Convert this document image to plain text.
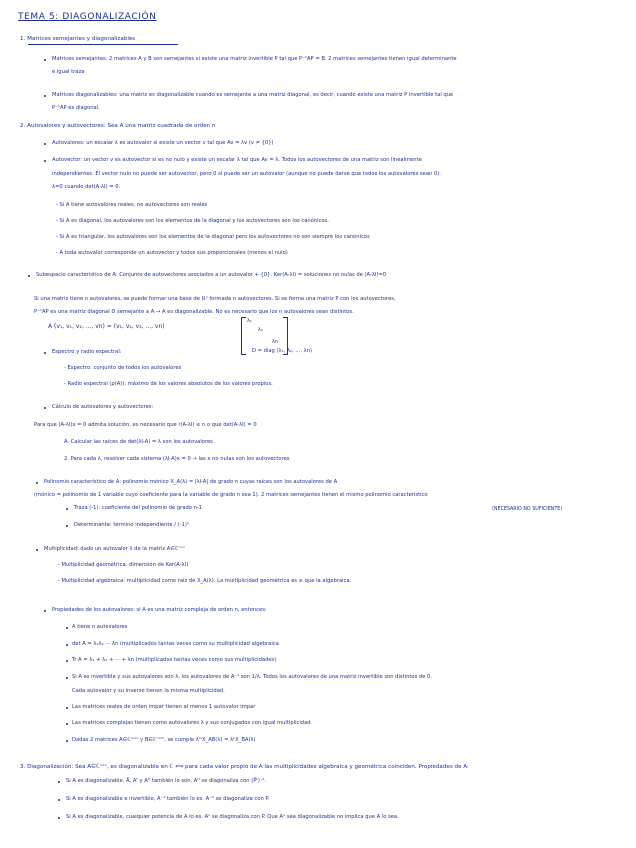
TEMA 5: DIAGONALIZACIÓN
1. Matrices semejantes y diagonalizables
Matrices semejantes: 2 matrices A y B son semejantes si existe una matriz invertible P tal que P⁻¹AP = B. 2 matrices semejantes tienen igual determinante
e igual traza
Matrices diagonalizables: una matriz es diagonalizable cuando es semejante a una matriz diagonal, es decir, cuando existe una matriz P invertible tal que
P⁻¹AP es diagonal.
2. Autovalores y autovectores: Sea A una matriz cuadrada de orden n
Autovalores: un escalar λ es autovalor si existe un vector v tal que Av = λv (v ≠ {0})
Autovector: un vector v es autovector si es no nulo y existe un escalar λ tal que Av = λ. Todos los autovectores de una matriz son linealmente
independientes. El vector nulo no puede ser autovector, pero 0 sí puede ser un autovalor (aunque no puede darse que todos los autovalores sean 0).
λ=0 cuando det(A-λI) = 0.
- Si A tiene autovalores reales, no autovectores son reales
- Si A es diagonal, los autovalores son los elementos de la diagonal y los autovectores son los canónicos.
- Si A es triangular, los autovalores son los elementos de la diagonal pero los autovectores no son siempre los canónicos
- A toda autovalor corresponde un autovector y todos sus proporcionales (menos el nulo)
Subespacio característico de A: Conjunto de autovectores asociados a un autovalor + {0}. Ker(A-λI) = soluciones no nulas de (A-λI)=0
Si una matriz tiene n autovalores, se puede formar una base de ℝⁿ formada n autovectores. Si se forma una matriz P con los autovectores,
P⁻¹AP es una matriz diagonal D semejante a A → A es diagonalizable. No es necesario que los n autovalores sean distintos.
A (v₁, v₁, v₂, ..., vn) = (v₁, v₂, v₃, ..., vn)
λ₁
λ₂
λn
D = diag (λ₁, λ₂, ..., λn)
Espectro y radio espectral:
- Espectro: conjunto de todos los autovalores
- Radio espectral (ρ(A)): máximo de los valores absolutos de los valores propios.
Cálculo de autovalores y autovectores:
Para que (A-λI)x = 0 admita solución, es necesario que r(A-λI) ≤ n o que det(A-λI) = 0
A. Calcular las raíces de det(λI-A) = λ son los autovalores
2. Para cada λ, resolver cada sistema (λI-A)x = 0 → las x no nulas son los autovectores
Polinomio característico de A: polinomio mónico X_A(λ) = |λI-A| de grado n cuyas raíces son los autovalores de A
(mónico = polinomio de 1 variable cuyo coeficiente para la variable de grado n sea 1). 2 matrices semejantes tienen el mismo polinomio característico
Traza (-1): coeficiente del polinomio de grado n-1	(NECESARIO NO SUFICIENTE)
Determinante: término independiente / (-1)ⁿ
Multiplicidad: dado un autovalor λ de la matriz A∈ℂⁿˣⁿ
- Multiplicidad geométrica: dimensión de Ker(A-λI)
- Multiplicidad algebraica: multiplicidad como raíz de X_A(λ). La multiplicidad geométrica es ≤ que la algebraica.
Propiedades de los autovalores: si A es una matriz compleja de orden n, entonces:
A tiene n autovalores
det A = λ₁λ₂ ··· λn (multiplicados tantas veces como su multiplicidad algebraica
Tr A = λ₁ + λ₂ + ··· + λn (multiplicados tantas veces como sus multiplicidades)
Si A es invertible y sus autovalores son λ, los autovalores de A⁻¹ son 1/λ. Todos los autovalores de una matriz invertible son distintos de 0.
Cada autovalor y su inverso tienen la misma multiplicidad.
Las matrices reales de orden impar tienen al menos 1 autovalor impar
Las matrices complejas tienen como autovalores λ y sus conjugados con igual multiplicidad
Dadas 2 matrices A∈ℂᵐˣⁿ y B∈ℂⁿˣᵐ, se cumple λᵐX_AB(λ) = λⁿX_BA(λ)
3. Diagonalización: Sea A∈ℂⁿˣⁿ, es diagonalizable en ℂ ⟺ para cada valor propio de A las multiplicidades algebraica y geométrica coinciden. Propiedades de A:
Si A es diagonalizable, Ā, Aᵗ y Aᴴ también lo son. Aᴴ se diagonaliza con (P̄ᵗ)⁻¹.
Si A es diagonalizable e invertible, A⁻¹ también lo es. A⁻¹ se diagonaliza con P.
Si A es diagonalizable, cualquier potencia de A lo es. Aⁿ se diagonaliza con P. Que Aⁿ sea diagonalizable no implica que A lo sea.
